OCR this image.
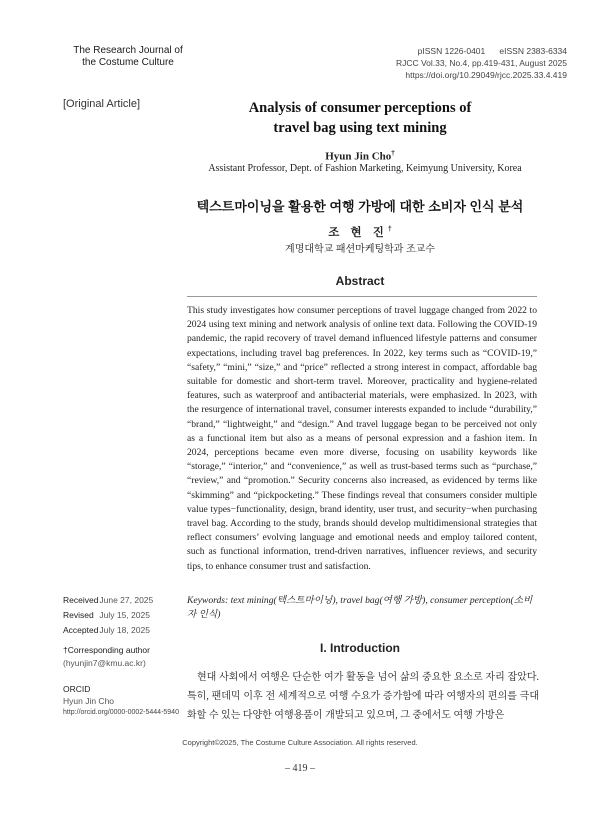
The Research Journal of
the Costume Culture
pISSN 1226-0401      eISSN 2383-6334
RJCC Vol.33, No.4, pp.419-431, August 2025
https://doi.org/10.29049/rjcc.2025.33.4.419
[Original Article]	Analysis of consumer perceptions of
travel bag using text mining
Hyun Jin Cho†
Assistant Professor, Dept. of Fashion Marketing, Keimyung University, Korea
텍스트마이닝을 활용한 여행 가방에 대한 소비자 인식 분석
조 현 진†
계명대학교 패션마케팅학과 조교수
Abstract
This study investigates how consumer perceptions of travel luggage changed from 2022 to 2024 using text mining and network analysis of online text data. Following the COVID-19 pandemic, the rapid recovery of travel demand influenced lifestyle patterns and consumer expectations, including travel bag preferences. In 2022, key terms such as “COVID-19,” “safety,” “mini,” “size,” and “price” reflected a strong interest in compact, affordable bag suitable for domestic and short-term travel. Moreover, practicality and hygiene-related features, such as waterproof and antibacterial materials, were emphasized. In 2023, with the resurgence of international travel, consumer interests expanded to include “durability,” “brand,” “lightweight,” and “design.” And travel luggage began to be perceived not only as a functional item but also as a means of personal expression and a fashion item. In 2024, perceptions became even more diverse, focusing on usability keywords like “storage,” “interior,” and “convenience,” as well as trust-based terms such as “purchase,” “review,” and “promotion.” Security concerns also increased, as evidenced by terms like “skimming” and “pickpocketing.” These findings reveal that consumers consider multiple value types−functionality, design, brand identity, user trust, and security−when purchasing travel bag. According to the study, brands should develop multidimensional strategies that reflect consumers’ evolving language and emotional needs and employ tailored content, such as functional information, trend-driven narratives, influencer reviews, and security tips, to enhance consumer trust and satisfaction.
Keywords: text mining(텍스트마이닝), travel bag(여행 가방), consumer perception(소비자 인식)
Received June 27, 2025
Revised July 15, 2025
Accepted July 18, 2025
†Corresponding author
(hyunjin7@kmu.ac.kr)
ORCID
Hyun Jin Cho
http://orcid.org/0000-0002-5444-5940
I. Introduction
현대 사회에서 여행은 단순한 여가 활동을 넘어 삶의 중요한 요소로 자리 잡았다. 특히, 팬데믹 이후 전 세계적으로 여행 수요가 증가함에 따라 여행자의 편의를 극대화할 수 있는 다양한 여행용품이 개발되고 있으며, 그 중에서도 여행 가방은
Copyright©2025, The Costume Culture Association. All rights reserved.
– 419 –
